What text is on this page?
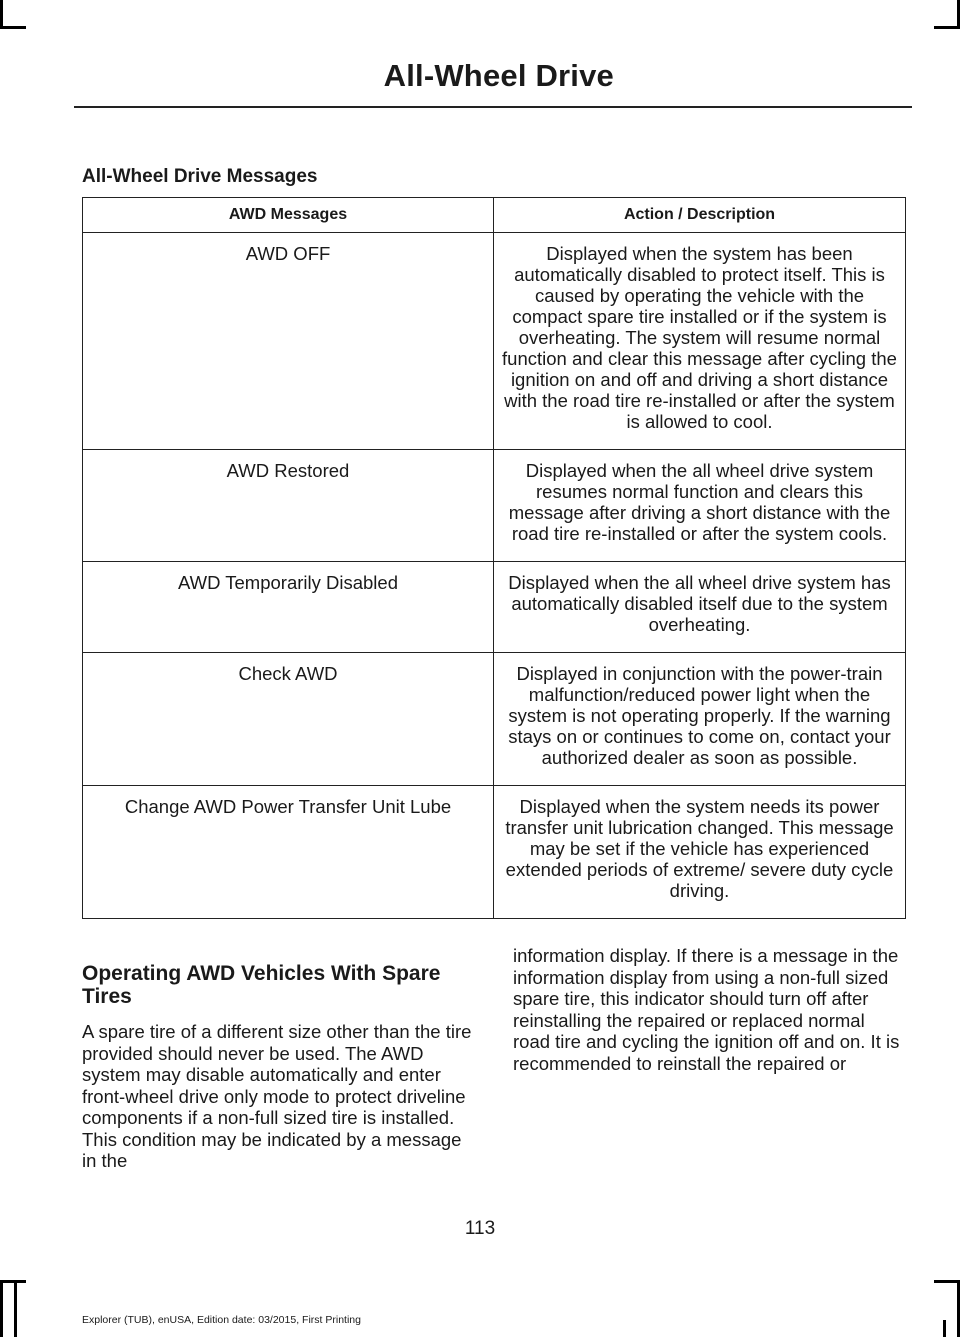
All-Wheel Drive
All-Wheel Drive Messages
AWD Messages	Action / Description
AWD OFF	Displayed when the system has been automatically disabled to protect itself. This is caused by operating the vehicle with the compact spare tire installed or if the system is overheating. The system will resume normal function and clear this message after cycling the ignition on and off and driving a short distance with the road tire re-installed or after the system is allowed to cool.
AWD Restored	Displayed when the all wheel drive system resumes normal function and clears this message after driving a short distance with the road tire re-installed or after the system cools.
AWD Temporarily Disabled	Displayed when the all wheel drive system has automatically disabled itself due to the system overheating.
Check AWD	Displayed in conjunction with the power-train malfunction/reduced power light when the system is not operating properly. If the warning stays on or continues to come on, contact your authorized dealer as soon as possible.
Change AWD Power Transfer Unit Lube	Displayed when the system needs its power transfer unit lubrication changed. This message may be set if the vehicle has experienced extended periods of extreme/ severe duty cycle driving.
Operating AWD Vehicles With Spare Tires
A spare tire of a different size other than the tire provided should never be used. The AWD system may disable automatically and enter front-wheel drive only mode to protect driveline components if a non-full sized tire is installed. This condition may be indicated by a message in the
information display. If there is a message in the information display from using a non-full sized spare tire, this indicator should turn off after reinstalling the repaired or replaced normal road tire and cycling the ignition off and on. It is recommended to reinstall the repaired or
113
Explorer (TUB), enUSA, Edition date: 03/2015, First Printing
